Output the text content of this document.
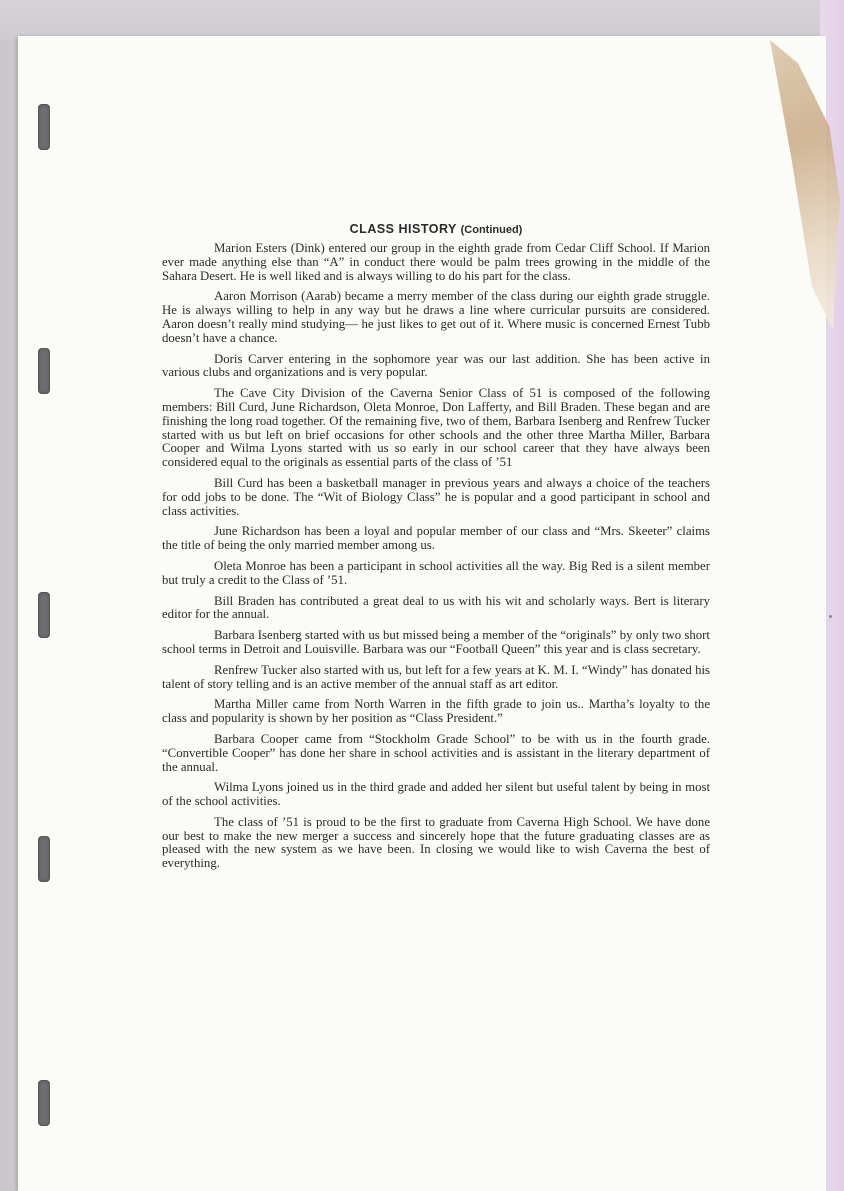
CLASS HISTORY (Continued)

Marion Esters (Dink) entered our group in the eighth grade from Cedar Cliff School. If Marion ever made anything else than “A” in conduct there would be palm trees growing in the middle of the Sahara Desert. He is well liked and is always willing to do his part for the class.

Aaron Morrison (Aarab) became a merry member of the class during our eighth grade struggle. He is always willing to help in any way but he draws a line where curricular pursuits are considered. Aaron doesn’t really mind studying— he just likes to get out of it. Where music is concerned Ernest Tubb doesn’t have a chance.

Doris Carver entering in the sophomore year was our last addition. She has been active in various clubs and organizations and is very popular.

The Cave City Division of the Caverna Senior Class of 51 is composed of the following members: Bill Curd, June Richardson, Oleta Monroe, Don Lafferty, and Bill Braden. These began and are finishing the long road together. Of the remaining five, two of them, Barbara Isenberg and Renfrew Tucker started with us but left on brief occasions for other schools and the other three Martha Miller, Barbara Cooper and Wilma Lyons started with us so early in our school career that they have always been considered equal to the originals as essential parts of the class of ’51

Bill Curd has been a basketball manager in previous years and always a choice of the teachers for odd jobs to be done. The “Wit of Biology Class” he is popular and a good participant in school and class activities.

June Richardson has been a loyal and popular member of our class and “Mrs. Skeeter” claims the title of being the only married member among us.

Oleta Monroe has been a participant in school activities all the way. Big Red is a silent member but truly a credit to the Class of ’51.

Bill Braden has contributed a great deal to us with his wit and scholarly ways. Bert is literary editor for the annual.

Barbara Isenberg started with us but missed being a member of the “originals” by only two short school terms in Detroit and Louisville. Barbara was our “Football Queen” this year and is class secretary.

Renfrew Tucker also started with us, but left for a few years at K. M. I. “Windy” has donated his talent of story telling and is an active member of the annual staff as art editor.

Martha Miller came from North Warren in the fifth grade to join us.. Martha’s loyalty to the class and popularity is shown by her position as “Class President.”

Barbara Cooper came from “Stockholm Grade School” to be with us in the fourth grade. “Convertible Cooper” has done her share in school activities and is assistant in the literary department of the annual.

Wilma Lyons joined us in the third grade and added her silent but useful talent by being in most of the school activities.

The class of ’51 is proud to be the first to graduate from Caverna High School. We have done our best to make the new merger a success and sincerely hope that the future graduating classes are as pleased with the new system as we have been. In closing we would like to wish Caverna the best of everything.
